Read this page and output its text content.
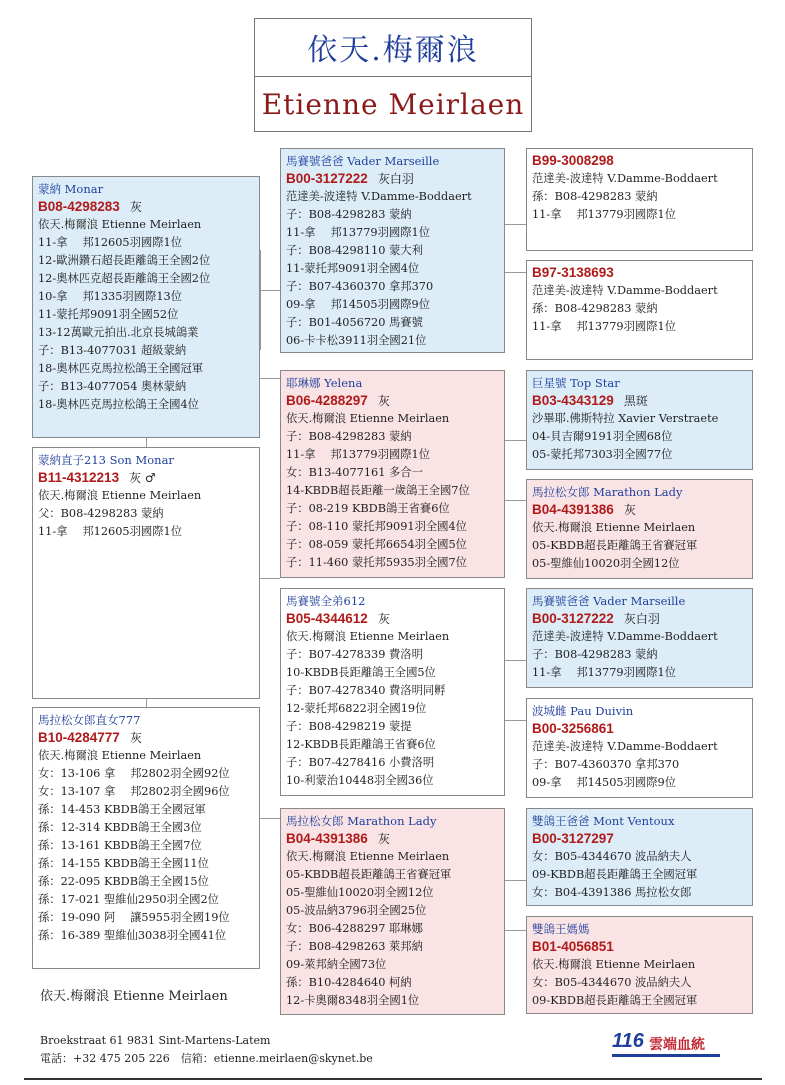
依天.梅爾浪
Etienne Meirlaen
蒙納 Monar
B08-4298283 灰
依天.梅爾浪 Etienne Meirlaen
11-拿　 邦12605羽國際1位
12-歐洲鑽石超長距離鴿王全國2位
12-奧林匹克超長距離鴿王全國2位
10-拿　 邦1335羽國際13位
11-蒙托邦9091羽全國52位
13-12萬歐元拍出.北京長城鴿業
子：B13-4077031 超級蒙納
18-奧林匹克馬拉松鴿王全國冠軍
子：B13-4077054 奧林蒙納
18-奧林匹克馬拉松鴿王全國4位
馬賽號爸爸 Vader Marseille
B00-3127222 灰白羽
范達美-波達特 V.Damme-Boddaert
子：B08-4298283 蒙納
11-拿　 邦13779羽國際1位
子：B08-4298110 蒙大利
11-蒙托邦9091羽全國4位
子：B07-4360370 拿邦370
09-拿　 邦14505羽國際9位
子：B01-4056720 馬賽號
06-卡卡松3911羽全國21位
B99-3008298
范達美-波達特 V.Damme-Boddaert
孫：B08-4298283 蒙納
11-拿　 邦13779羽國際1位
B97-3138693
范達美-波達特 V.Damme-Boddaert
孫：B08-4298283 蒙納
11-拿　 邦13779羽國際1位
耶琳娜 Yelena
B06-4288297 灰
依天.梅爾浪 Etienne Meirlaen
子：B08-4298283 蒙納
11-拿　 邦13779羽國際1位
女：B13-4077161 多合一
14-KBDB超長距離一歲鴿王全國7位
子：08-219 KBDB鴿王省賽6位
子：08-110 蒙托邦9091羽全國4位
子：08-059 蒙托邦6654羽全國5位
子：11-460 蒙托邦5935羽全國7位
巨星號 Top Star
B03-4343129 黑斑
沙畢耶.佛斯特拉 Xavier Verstraete
04-貝吉爾9191羽全國68位
05-蒙托邦7303羽全國77位
馬拉松女郎 Marathon Lady
B04-4391386 灰
依天.梅爾浪 Etienne Meirlaen
05-KBDB超長距離鴿王省賽冠軍
05-聖維仙10020羽全國12位
蒙納直子213 Son Monar
B11-4312213 灰 ♂
依天.梅爾浪 Etienne Meirlaen
父：B08-4298283 蒙納
11-拿　 邦12605羽國際1位
馬賽號全弟612
B05-4344612 灰
依天.梅爾浪 Etienne Meirlaen
子：B07-4278339 費洛明
10-KBDB長距離鴿王全國5位
子：B07-4278340 費洛明同孵
12-蒙托邦6822羽全國19位
子：B08-4298219 蒙提
12-KBDB長距離鴿王省賽6位
子：B07-4278416 小費洛明
10-利蒙治10448羽全國36位
馬賽號爸爸 Vader Marseille
B00-3127222 灰白羽
范達美-波達特 V.Damme-Boddaert
子：B08-4298283 蒙納
11-拿　 邦13779羽國際1位
波城雌 Pau Duivin
B00-3256861
范達美-波達特 V.Damme-Boddaert
子：B07-4360370 拿邦370
09-拿　 邦14505羽國際9位
馬拉松女郎直女777
B10-4284777 灰
依天.梅爾浪 Etienne Meirlaen
女：13-106 拿　 邦2802羽全國92位
女：13-107 拿　 邦2802羽全國96位
孫：14-453 KBDB鴿王全國冠軍
孫：12-314 KBDB鴿王全國3位
孫：13-161 KBDB鴿王全國7位
孫：14-155 KBDB鴿王全國11位
孫：22-095 KBDB鴿王全國15位
孫：17-021 聖維仙2950羽全國2位
孫：19-090 阿　 讓5955羽全國19位
孫：16-389 聖維仙3038羽全國41位
馬拉松女郎 Marathon Lady
B04-4391386 灰
依天.梅爾浪 Etienne Meirlaen
05-KBDB超長距離鴿王省賽冠軍
05-聖維仙10020羽全國12位
05-波品納3796羽全國25位
女：B06-4288297 耶琳娜
子：B08-4298263 萊邦納
09-萊邦納全國73位
孫：B10-4284640 柯納
12-卡奧爾8348羽全國1位
雙鴿王爸爸 Mont Ventoux
B00-3127297
女：B05-4344670 波品納夫人
09-KBDB超長距離鴿王全國冠軍
女：B04-4391386 馬拉松女郎
雙鴿王媽媽
B01-4056851
依天.梅爾浪 Etienne Meirlaen
女：B05-4344670 波品納夫人
09-KBDB超長距離鴿王全國冠軍
依天.梅爾浪 Etienne Meirlaen
Broekstraat 61 9831 Sint-Martens-Latem
電話：+32 475 205 226　信箱：etienne.meirlaen@skynet.be
116 雲端血統
